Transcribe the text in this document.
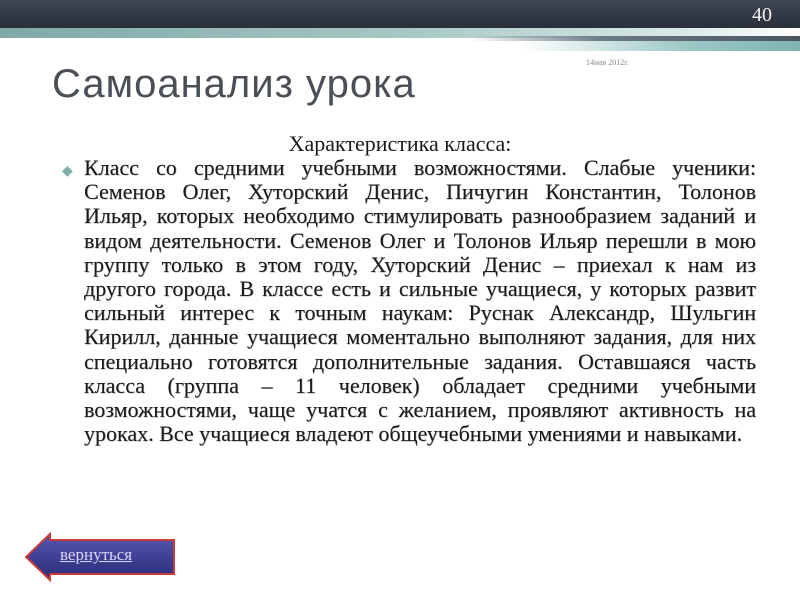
40
14мая 2012г.
Самоанализ урока
Характеристика класса:
◆ Класс со средними учебными возможностями. Слабые ученики: Семенов Олег, Хуторский Денис, Пичугин Константин, Толонов Ильяр, которых необходимо стимулировать разнообразием заданий и видом деятельности. Семенов Олег и Толонов Ильяр перешли в мою группу только в этом году, Хуторский Денис – приехал к нам из другого города. В классе есть и сильные учащиеся, у которых развит сильный интерес к точным наукам: Руснак Александр, Шульгин Кирилл, данные учащиеся моментально выполняют задания, для них специально готовятся дополнительные задания. Оставшаяся часть класса (группа – 11 человек) обладает средними учебными возможностями, чаще учатся с желанием, проявляют активность на уроках. Все учащиеся владеют общеучебными умениями и навыками.
вернуться
